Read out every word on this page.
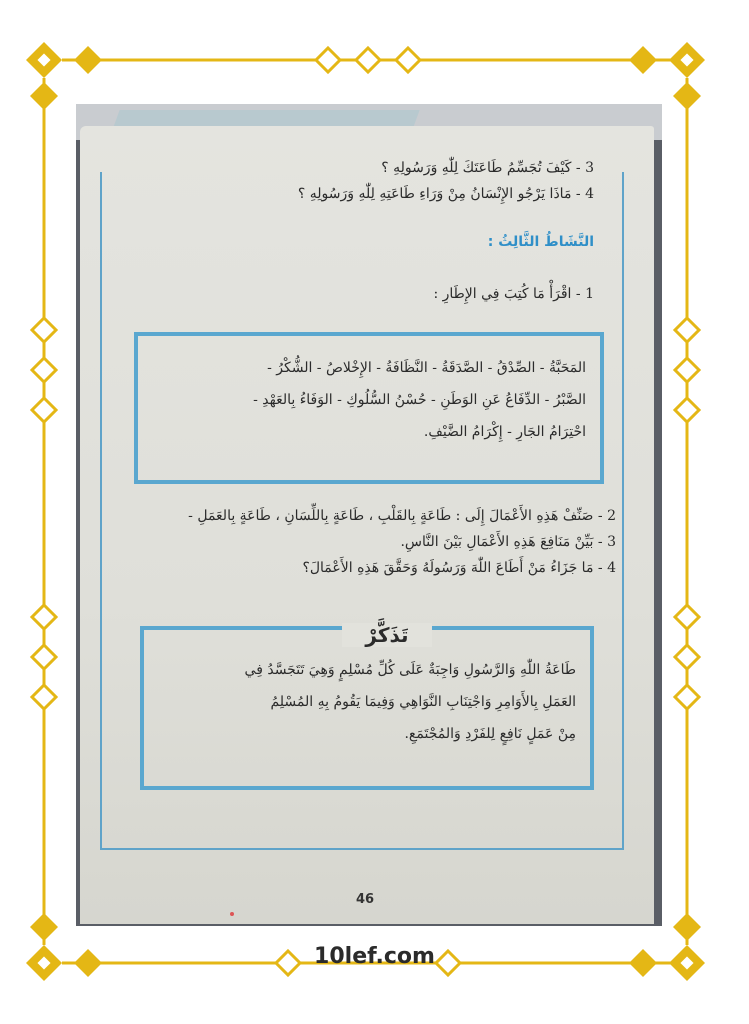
3 - كَيْفَ تُجَسِّمُ طَاعَتَكَ لِلّٰهِ وَرَسُولِهِ ؟
4 - مَاذَا يَرْجُو الإِنْسَانُ مِنْ وَرَاءِ طَاعَتِهِ لِلّٰهِ وَرَسُولِهِ ؟
النَّشَاطُ الثَّالِثُ :
1 - اقْرَأْ مَا كُتِبَ فِي الإِطَارِ :
المَحَبَّةُ - الصِّدْقُ - الصَّدَقَةُ - النَّظَافَةُ - الإِخْلاصُ - الشُّكْرُ -
الصَّبْرُ - الدِّفَاعُ عَنِ الوَطَنِ - حُسْنُ السُّلُوكِ - الوَفَاءُ بِالعَهْدِ -
احْتِرَامُ الجَارِ - إِكْرَامُ الضَّيْفِ.
2 - صَنِّفْ هَذِهِ الأَعْمَالَ إِلَى : طَاعَةٍ بِالقَلْبِ ، طَاعَةٍ بِاللِّسَانِ ، طَاعَةٍ بِالعَمَلِ -
3 - بَيِّنْ مَنَافِعَ هَذِهِ الأَعْمَالِ بَيْنَ النَّاسِ.
4 - مَا جَزَاءُ مَنْ أَطَاعَ اللّٰهَ وَرَسُولَهُ وَحَقَّقَ هَذِهِ الأَعْمَالَ؟
طَاعَةُ اللّٰهِ وَالرَّسُولِ وَاجِبَةٌ عَلَى كُلِّ مُسْلِمٍ وَهِيَ تَتَجَسَّدُ فِي
العَمَلِ بِالأَوَامِرِ وَاجْتِنَابِ النَّوَاهِي وَفِيمَا يَقُومُ بِهِ المُسْلِمُ
مِنْ عَمَلٍ نَافِعٍ لِلفَرْدِ وَالمُجْتَمَعِ.
تَذَكَّرْ
46
10lef.com
